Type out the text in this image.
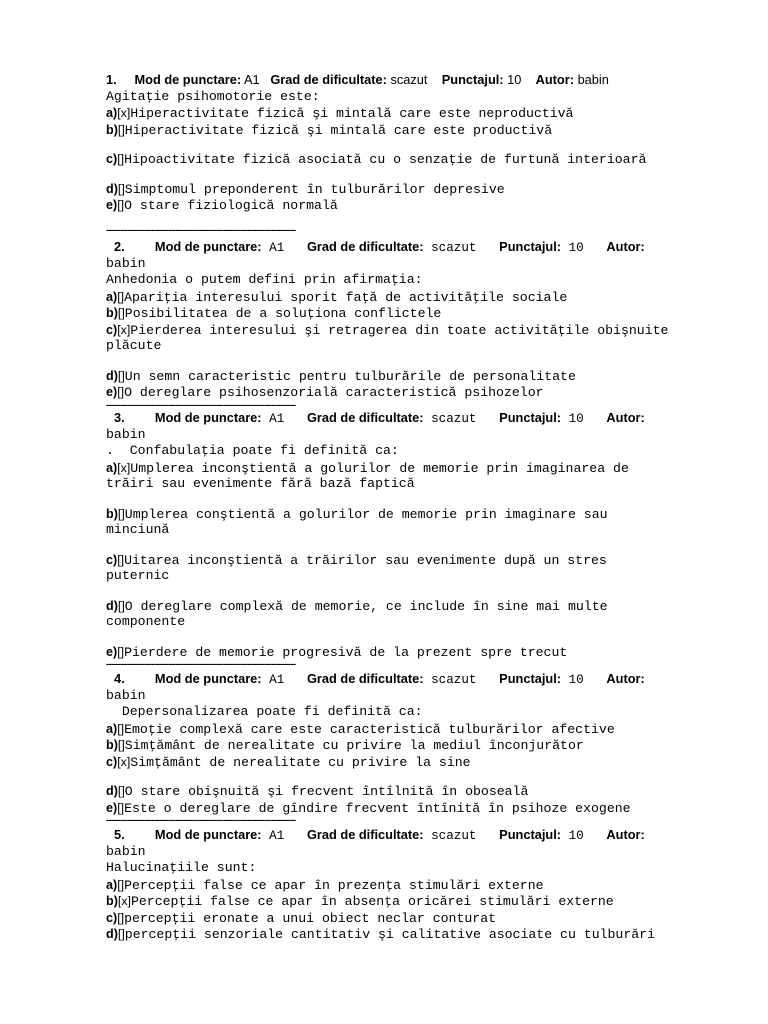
1. Mod de punctare: A1 Grad de dificultate: scazut Punctajul: 10 Autor: babin
Agitaţie psihomotorie este:
a)[x]Hiperactivitate fizică şi mintală care este neproductivă
b)[]Hiperactivitate fizică şi mintală care este productivă
c)[]Hipoactivitate fizică asociată cu o senzaţie de furtună interioară
d)[]Simptomul preponderent în tulburărilor depresive
e)[]O stare fiziologică normală
-------------------------------------------------------------------------------
2. Mod de punctare: A1 Grad de dificultate: scazut Punctajul: 10 Autor:
babin
Anhedonia o putem defini prin afirmaţia:
a)[]Apariţia interesului sporit faţă de activităţile sociale
b)[]Posibilitatea de a soluţiona conflictele
c)[x]Pierderea interesului şi retragerea din toate activităţile obişnuite
plăcute
d)[]Un semn caracteristic pentru tulburările de personalitate
e)[]O dereglare psihosenzorială caracteristică psihozelor
-------------------------------------------------------------------------------
3. Mod de punctare: A1 Grad de dificultate: scazut Punctajul: 10 Autor:
babin
.  Confabulaţia poate fi definită ca:
a)[x]Umplerea inconştientă a golurilor de memorie prin imaginarea de
trăiri sau evenimente fără bază faptică
b)[]Umplerea conştientă a golurilor de memorie prin imaginare sau
minciună
c)[]Uitarea inconştientă a trăirilor sau evenimente după un stres
puternic
d)[]O dereglare complexă de memorie, ce include în sine mai multe
componente
e)[]Pierdere de memorie progresivă de la prezent spre trecut
-------------------------------------------------------------------------------
4. Mod de punctare: A1 Grad de dificultate: scazut Punctajul: 10 Autor:
babin
Depersonalizarea poate fi definită ca:
a)[]Emoţie complexă care este caracteristică tulburărilor afective
b)[]Simţământ de nerealitate cu privire la mediul înconjurător
c)[x]Simţământ de nerealitate cu privire la sine
d)[]O stare obişnuită şi frecvent întîlnită în oboseală
e)[]Este o dereglare de gîndire frecvent întînită în psihoze exogene
-------------------------------------------------------------------------------
5. Mod de punctare: A1 Grad de dificultate: scazut Punctajul: 10 Autor:
babin
Halucinaţiile sunt:
a)[]Percepţii false ce apar în prezenţa stimulări externe
b)[x]Percepţii false ce apar în absenţa oricărei stimulări externe
c)[]percepţii eronate a unui obiect neclar conturat
d)[]percepţii senzoriale cantitativ şi calitative asociate cu tulburări
